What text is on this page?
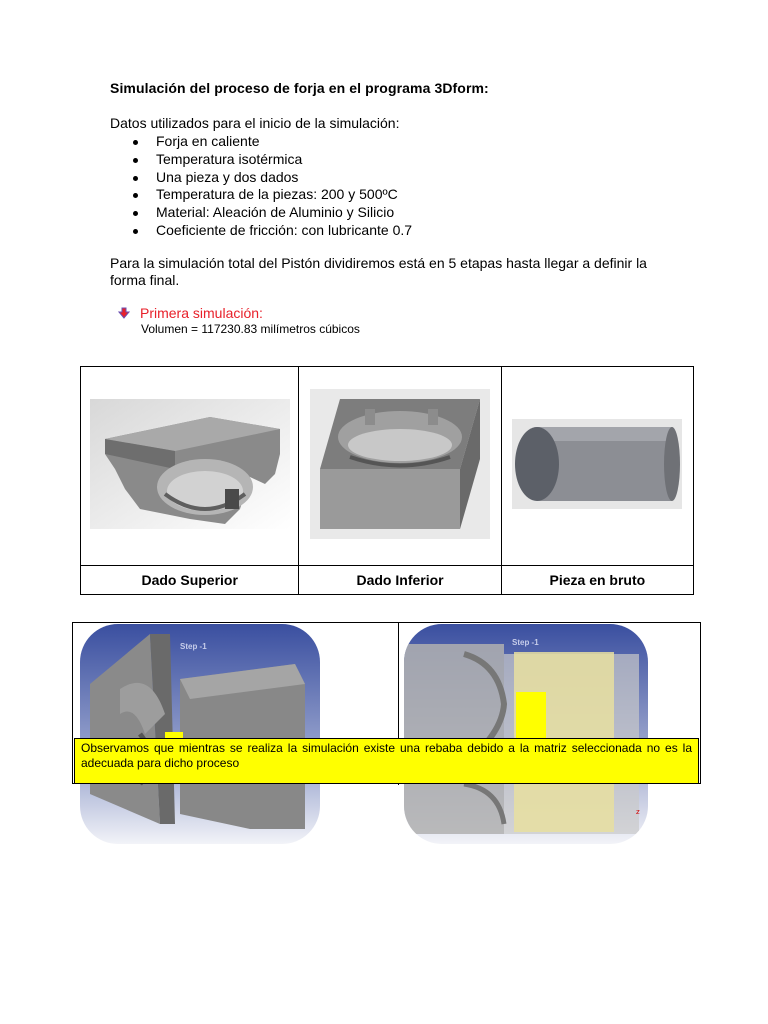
Simulación del proceso de forja en el programa 3Dform:
Datos utilizados para el inicio de la simulación:
Forja en caliente
Temperatura isotérmica
Una pieza y dos dados
Temperatura de la piezas: 200 y 500ºC
Material: Aleación de Aluminio y Silicio
Coeficiente de fricción: con lubricante 0.7
Para la simulación total del Pistón dividiremos está en 5 etapas hasta llegar a definir la forma final.
Primera simulación:
Volumen = 117230.83 milímetros cúbicos

Dado Superior	Dado Inferior	Pieza en bruto
Step -1
z
Step -1
Observamos que mientras se realiza la simulación existe una rebaba debido a la matriz seleccionada no es la adecuada para dicho proceso
